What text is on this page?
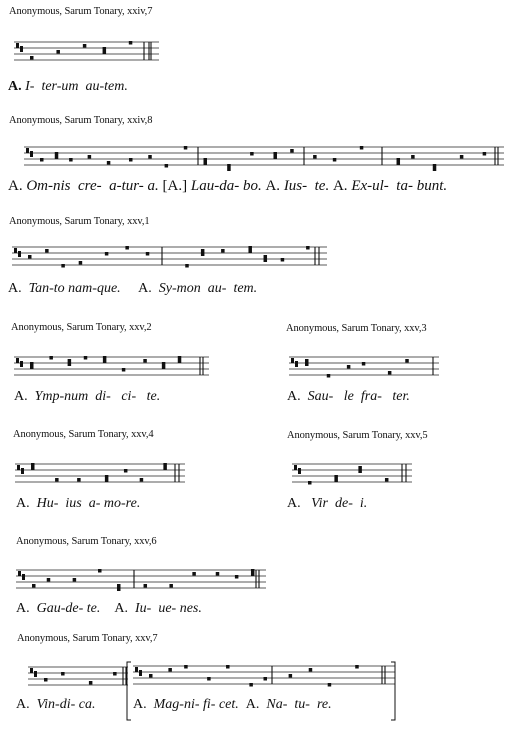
Anonymous, Sarum Tonary, xxiv,7
A. I-  ter-um  au-tem.
Anonymous, Sarum Tonary, xxiv,8
A. Om-nis  cre-  a-tur- a. [A.] Lau-da- bo. A. Ius-  te. A. Ex-ul-  ta- bunt.
Anonymous, Sarum Tonary, xxv,1
A.  Tan-to nam-que.     A.  Sy-mon  au-  tem.
Anonymous, Sarum Tonary, xxv,2
A.  Ymp-num  di-   ci-   te.
Anonymous, Sarum Tonary, xxv,3
A.  Sau-   le  fra-   ter.
Anonymous, Sarum Tonary, xxv,4
A.  Hu-  ius  a- mo-re.
Anonymous, Sarum Tonary, xxv,5
A.   Vir  de-  i.
Anonymous, Sarum Tonary, xxv,6
A.  Gau-de- te.    A.  Iu-  ue- nes.
Anonymous, Sarum Tonary, xxv,7
A.  Vin-di- ca.	A.  Mag-ni- fi- cet.  A.  Na-  tu-  re.
